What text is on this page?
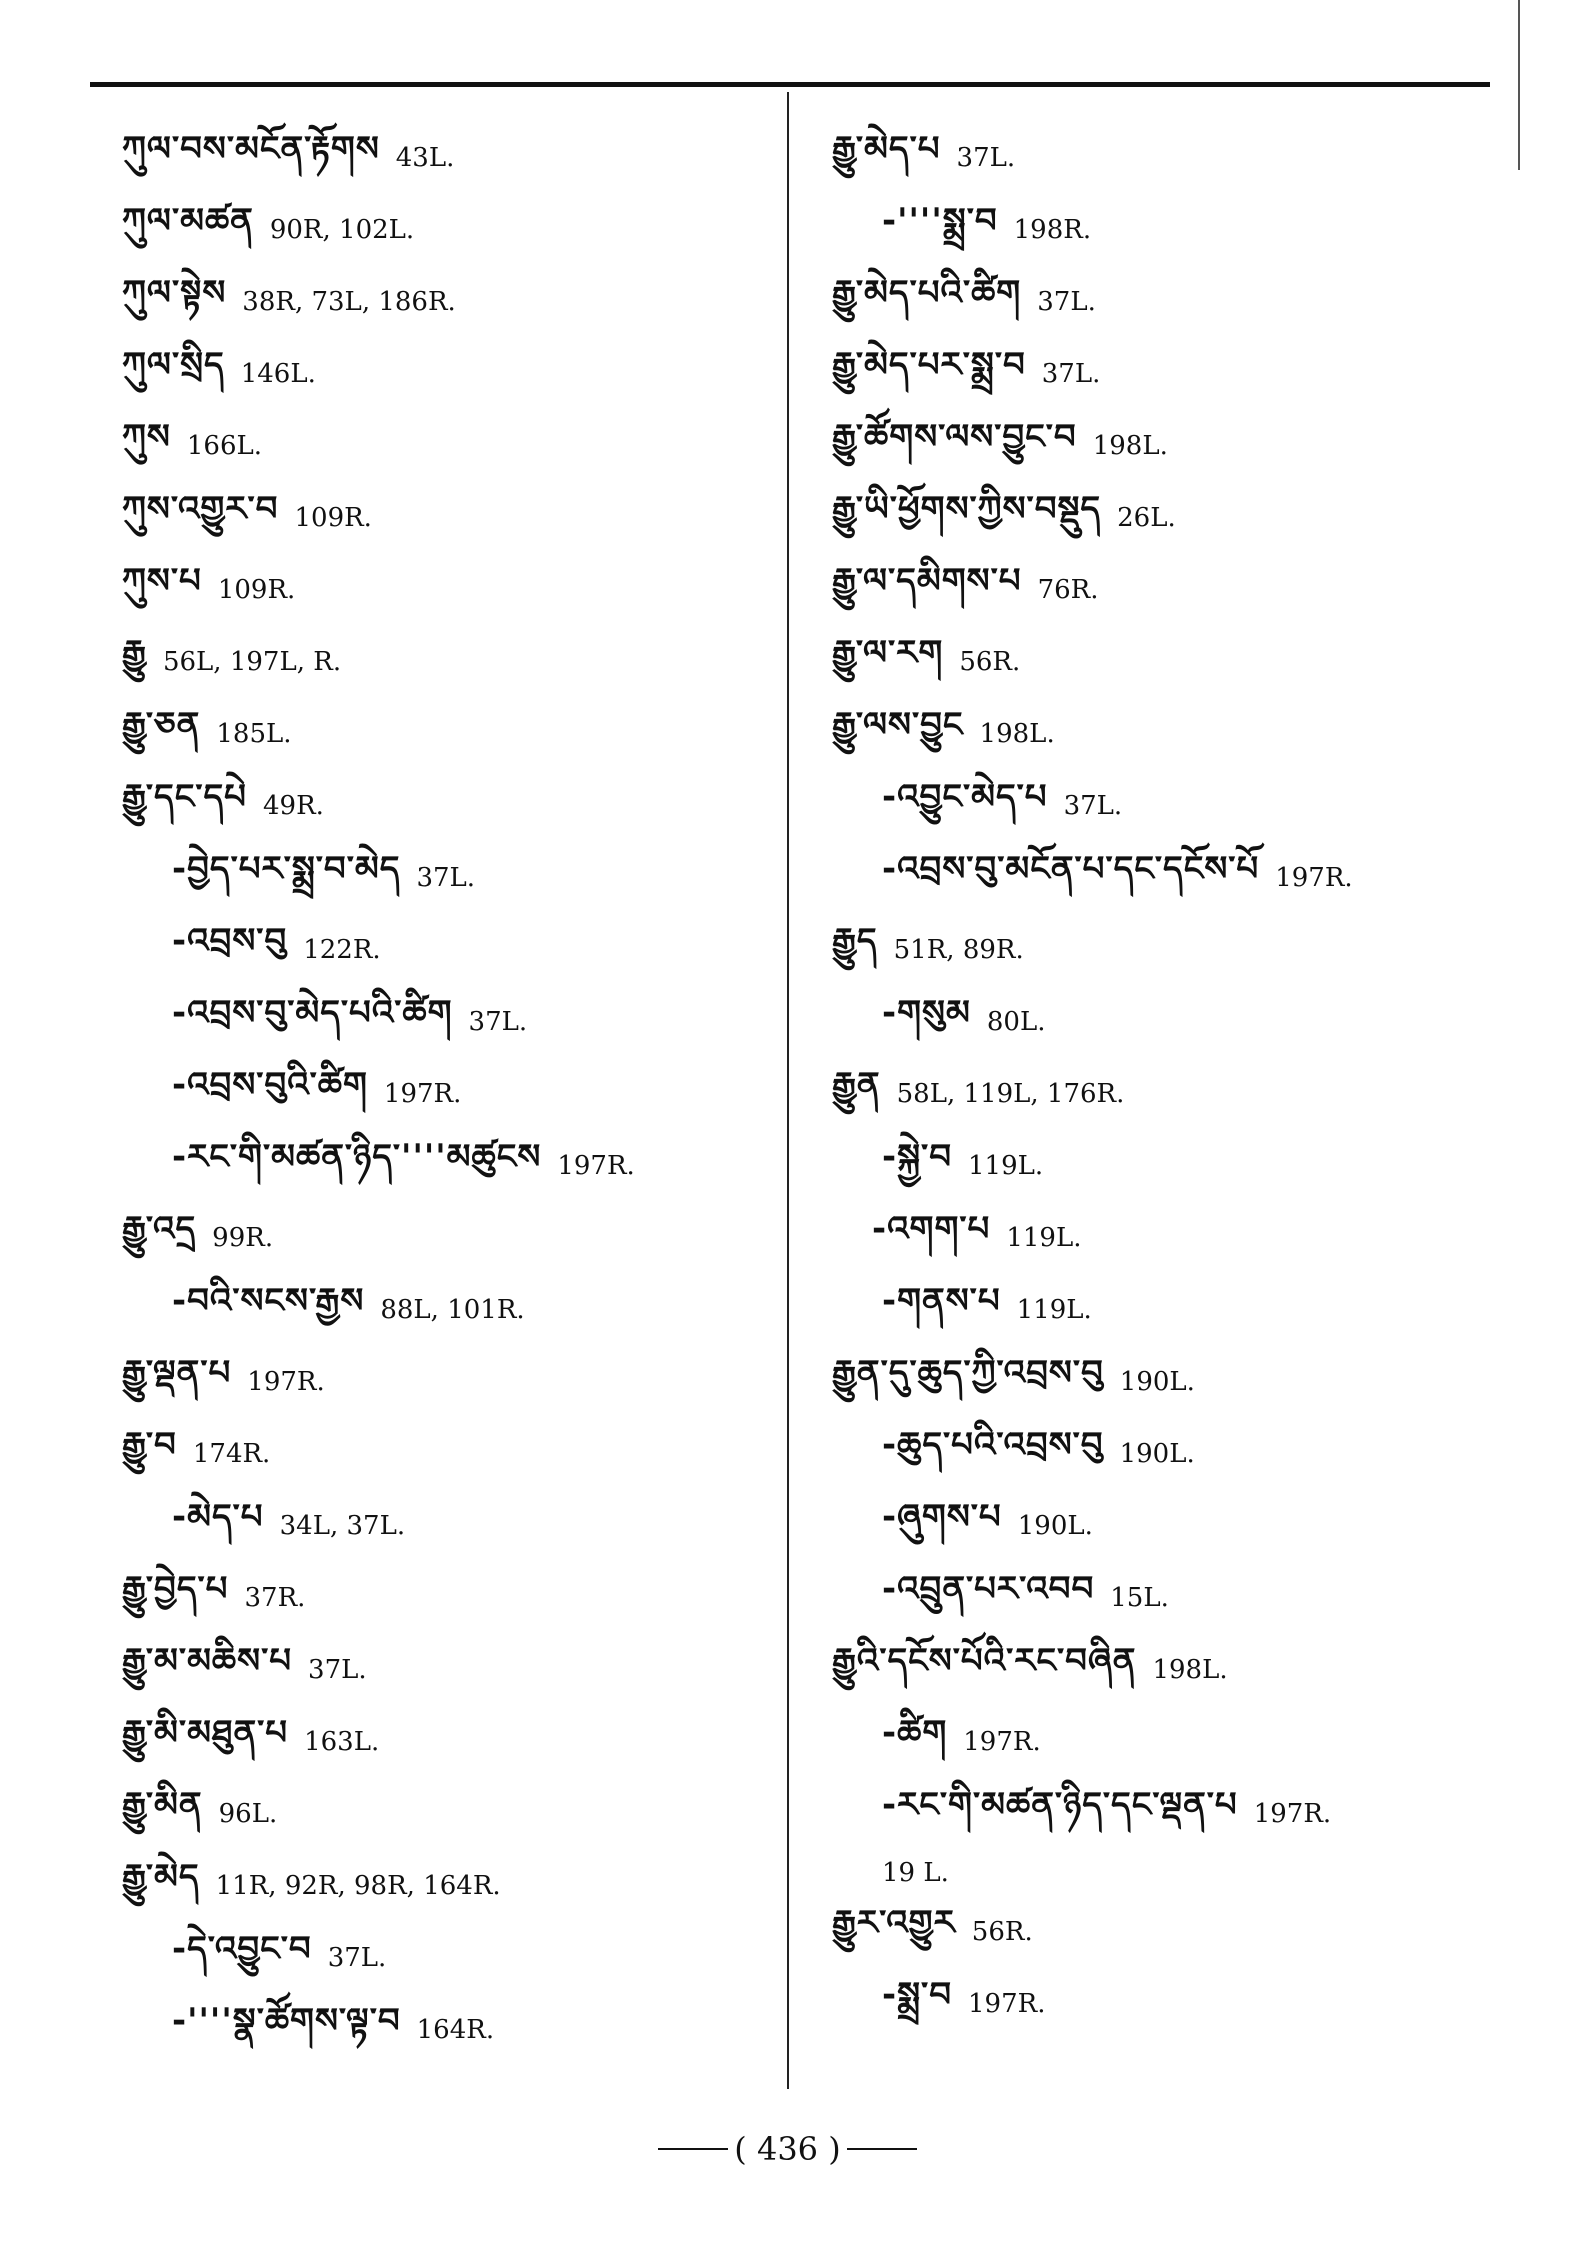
ཀུལ་བས་མངོན་རྟོགས 43L.
ཀུལ་མཚན 90R, 102L.
ཀུལ་སྟེས 38R, 73L, 186R.
ཀུལ་སྲིད 146L.
ཀུས 166L.
ཀུས་འགྱུར་བ 109R.
ཀུས་པ 109R.
རྒྱུ 56L, 197L, R.
རྒྱུ་ཅན 185L.
རྒྱུ་དང་དཔེ 49R.
-བྱེད་པར་སྨྲ་བ་མེད 37L.
-འབྲས་བུ 122R.
-འབྲས་བུ་མེད་པའི་ཚིག 37L.
-འབྲས་བུའི་ཚིག 197R.
-རང་གི་མཚན་ཉིད་''''མཚུངས 197R.
རྒྱུ་འདྲ 99R.
-བའི་སངས་རྒྱས 88L, 101R.
རྒྱུ་ལྡན་པ 197R.
རྒྱུ་བ 174R.
-མེད་པ 34L, 37L.
རྒྱུ་བྱེད་པ 37R.
རྒྱུ་མ་མཆིས་པ 37L.
རྒྱུ་མི་མཐུན་པ 163L.
རྒྱུ་མིན 96L.
རྒྱུ་མེད 11R, 92R, 98R, 164R.
-དེ་འབྱུང་བ 37L.
-''''སྣ་ཚོགས་ལྟ་བ 164R.
རྒྱུ་མེད་པ 37L.
-''''སྨྲ་བ 198R.
རྒྱུ་མེད་པའི་ཚིག 37L.
རྒྱུ་མེད་པར་སྨྲ་བ 37L.
རྒྱུ་ཚོགས་ལས་བྱུང་བ 198L.
རྒྱུ་ཡི་ཕྱོགས་ཀྱིས་བསྡུད 26L.
རྒྱུ་ལ་དམིགས་པ 76R.
རྒྱུ་ལ་རག 56R.
རྒྱུ་ལས་བྱུང 198L.
-འབྱུང་མེད་པ 37L.
-འབྲས་བུ་མངོན་པ་དང་དངོས་པོ 197R.
རྒྱུད 51R, 89R.
-གསུམ 80L.
རྒྱུན 58L, 119L, 176R.
-སྐྱེ་བ 119L.
-འགག་པ 119L.
-གནས་པ 119L.
རྒྱུན་དུ་ཆུད་ཀྱི་འབྲས་བུ 190L.
-ཆུད་པའི་འབྲས་བུ 190L.
-ཞུགས་པ 190L.
-འབྲུན་པར་འབབ 15L.
རྒྱུའི་དངོས་པོའི་རང་བཞིན 198L.
-ཚིག 197R.
-རང་གི་མཚན་ཉིད་དང་ལྡན་པ 197R.
19 L.
རྒྱུར་འགྱུར 56R.
-སྨྲ་བ 197R.
( 436 )
